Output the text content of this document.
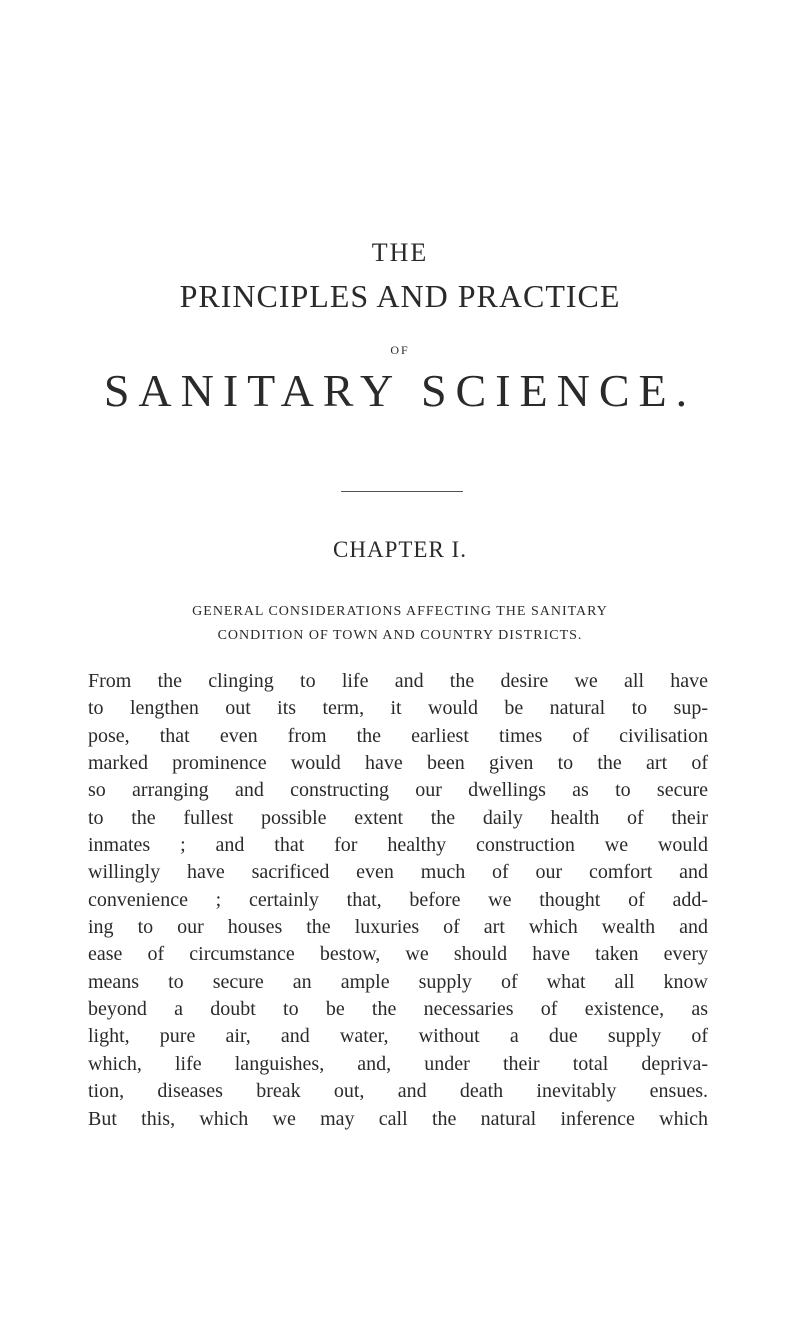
THE
PRINCIPLES AND PRACTICE
OF
SANITARY SCIENCE.
CHAPTER I.
GENERAL CONSIDERATIONS AFFECTING THE SANITARY
CONDITION OF TOWN AND COUNTRY DISTRICTS.
From the clinging to life and the desire we all have
to lengthen out its term, it would be natural to sup-
pose, that even from the earliest times of civilisation
marked prominence would have been given to the art of
so arranging and constructing our dwellings as to secure
to the fullest possible extent the daily health of their
inmates ; and that for healthy construction we would
willingly have sacrificed even much of our comfort and
convenience ; certainly that, before we thought of add-
ing to our houses the luxuries of art which wealth and
ease of circumstance bestow, we should have taken every
means to secure an ample supply of what all know
beyond a doubt to be the necessaries of existence, as
light, pure air, and water, without a due supply of
which, life languishes, and, under their total depriva-
tion, diseases break out, and death inevitably ensues.
But this, which we may call the natural inference which
